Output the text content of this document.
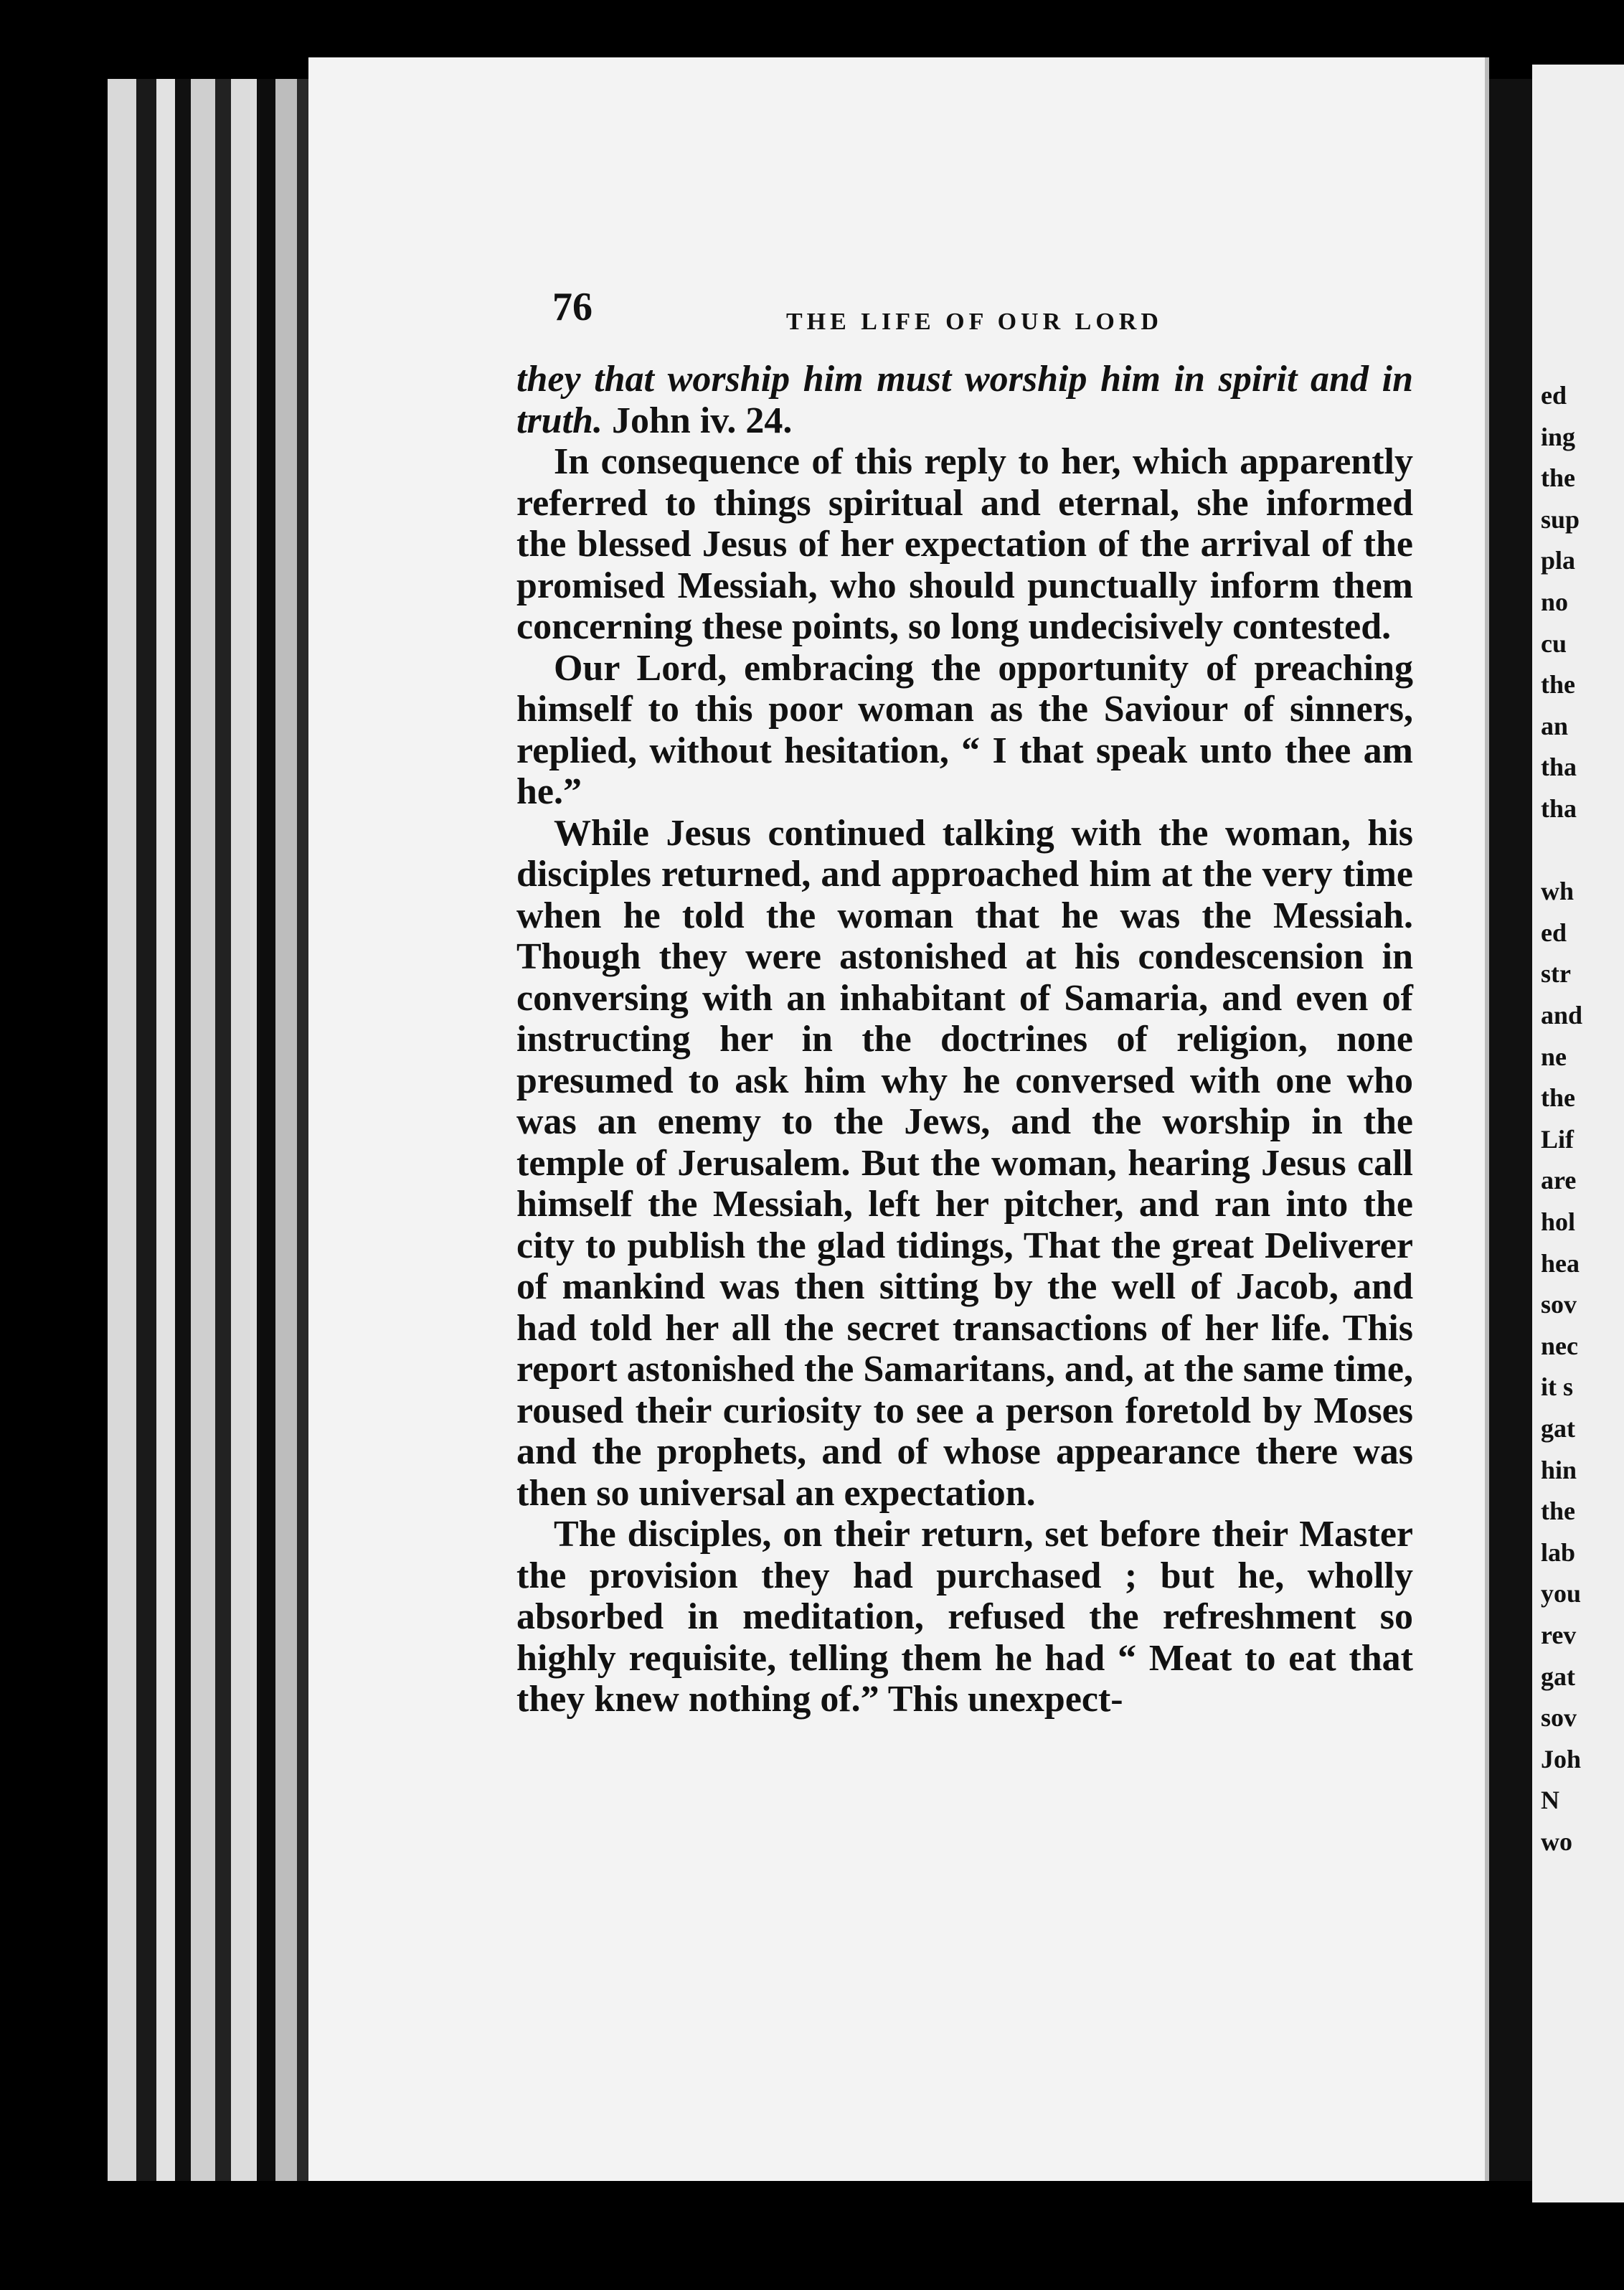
76	THE LIFE OF OUR LORD

they that worship him must worship him in spirit and in truth. John iv. 24.

In consequence of this reply to her, which apparently referred to things spiritual and eternal, she informed the blessed Jesus of her expectation of the arrival of the promised Messiah, who should punctually inform them concerning these points, so long undecisively contested.

Our Lord, embracing the opportunity of preaching himself to this poor woman as the Saviour of sinners, replied, without hesitation, “ I that speak unto thee am he.”

While Jesus continued talking with the woman, his disciples returned, and approached him at the very time when he told the woman that he was the Messiah. Though they were astonished at his condescension in conversing with an inhabitant of Samaria, and even of instructing her in the doctrines of religion, none presumed to ask him why he conversed with one who was an enemy to the Jews, and the worship in the temple of Jerusalem. But the woman, hearing Jesus call himself the Messiah, left her pitcher, and ran into the city to publish the glad tidings, That the great Deliverer of mankind was then sitting by the well of Jacob, and had told her all the secret transactions of her life. This report astonished the Samaritans, and, at the same time, roused their curiosity to see a person foretold by Moses and the prophets, and of whose appearance there was then so universal an expectation.

The disciples, on their return, set before their Master the provision they had purchased ; but he, wholly absorbed in meditation, refused the refreshment so highly requisite, telling them he had “ Meat to eat that they knew nothing of.” This unexpect-

ed
ing
the
sup
pla
no
cu
the
an
tha
tha
wh
ed
str
and
ne
the
Lif
are
hol
hea
sov
nec
it s
gat
hin
the
lab
you
rev
gat
sov
Joh
N
wo
